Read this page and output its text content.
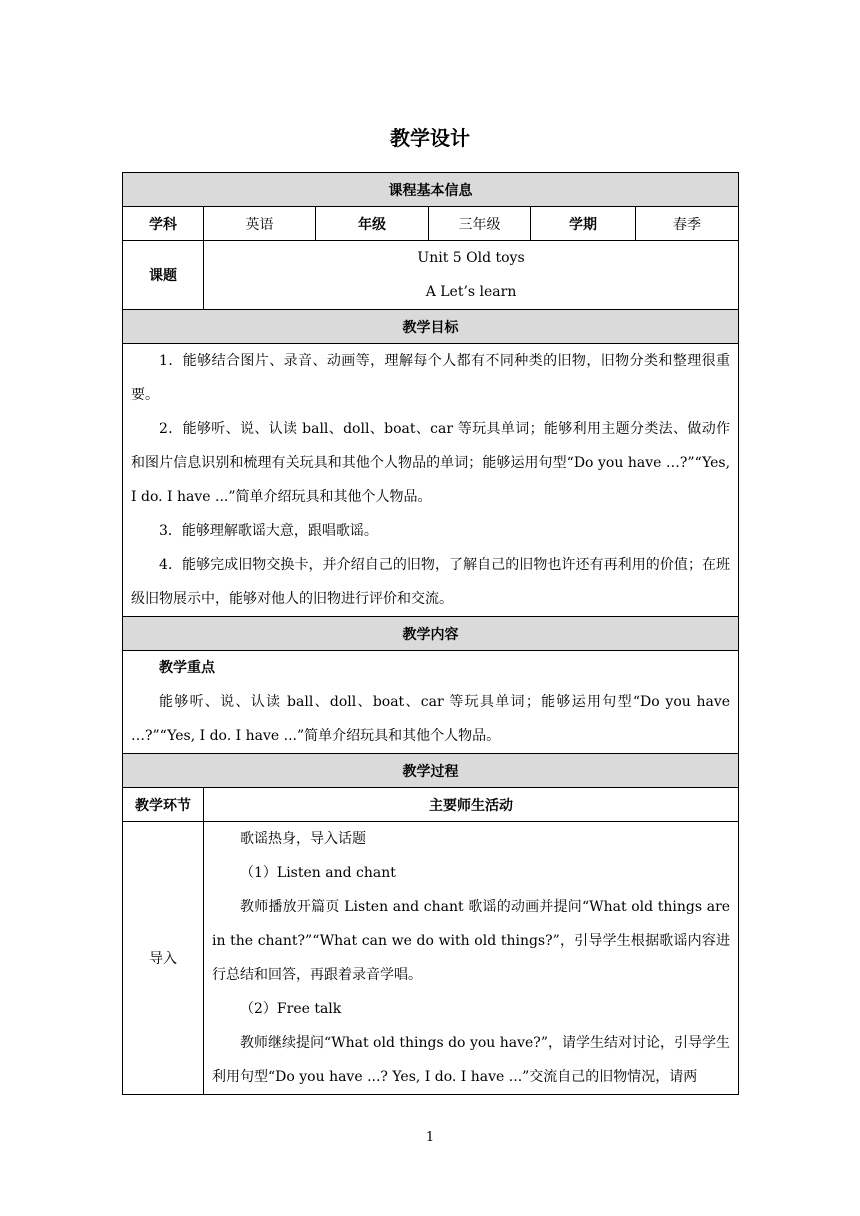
教学设计
课程基本信息					
学科	英语	年级	三年级	学期	春季
课题	Unit 5 Old toys
A Let’s learn				

教学目标					

1．能够结合图片、录音、动画等，理解每个人都有不同种类的旧物，旧物分类和整理很重要。

2．能够听、说、认读 ball、doll、boat、car 等玩具单词；能够利用主题分类法、做动作和图片信息识别和梳理有关玩具和其他个人物品的单词；能够运用句型“Do you have …?”“Yes, I do. I have ...”简单介绍玩具和其他个人物品。

3．能够理解歌谣大意，跟唱歌谣。

4．能够完成旧物交换卡，并介绍自己的旧物，了解自己的旧物也许还有再利用的价值；在班级旧物展示中，能够对他人的旧物进行评价和交流。					

教学内容					

教学重点

能够听、说、认读 ball、doll、boat、car 等玩具单词；能够运用句型“Do you have …?”“Yes, I do. I have ...”简单介绍玩具和其他个人物品。					

教学过程					
教学环节	主要师生活动				
导入	歌谣热身，导入话题

（1）Listen and chant

教师播放开篇页 Listen and chant 歌谣的动画并提问“What old things are in the chant?”“What can we do with old things?”，引导学生根据歌谣内容进行总结和回答，再跟着录音学唱。

（2）Free talk

教师继续提问“What old things do you have?”，请学生结对讨论，引导学生利用句型“Do you have ...? Yes, I do. I have ...”交流自己的旧物情况，请两				

1
